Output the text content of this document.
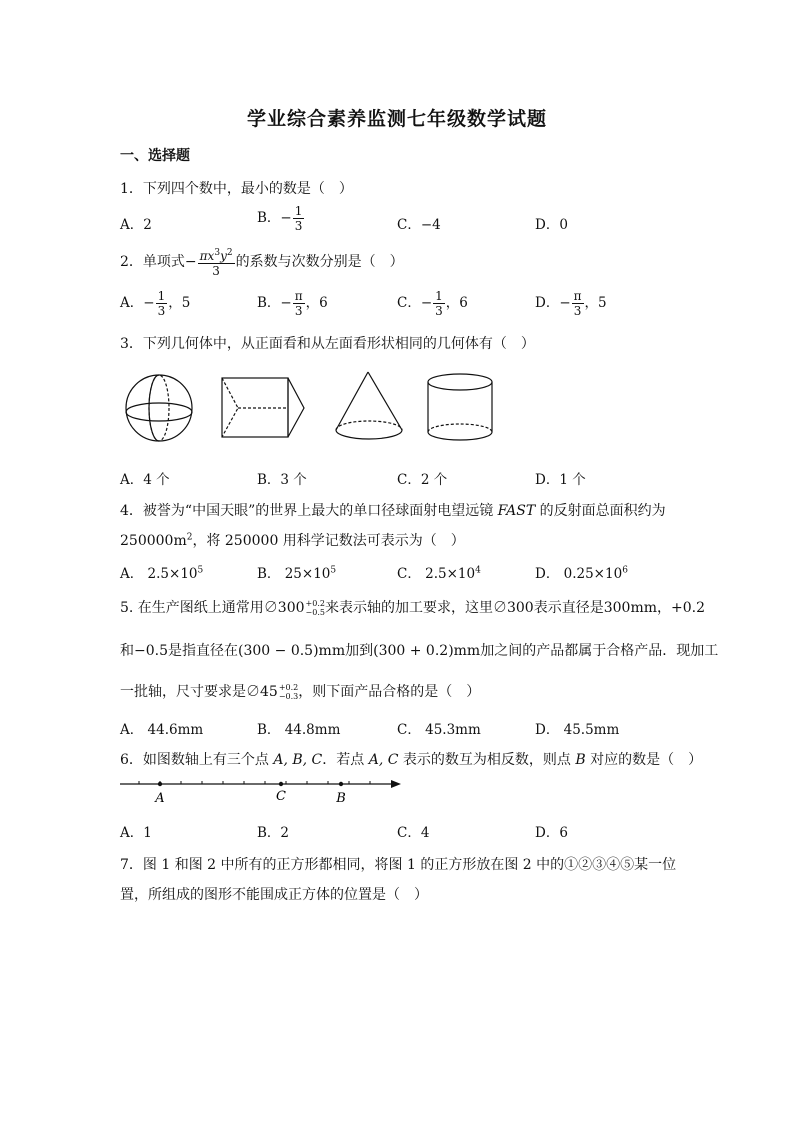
学业综合素养监测七年级数学试题
一、选择题
1．下列四个数中，最小的数是（　）
A．2	B．− $\frac{1}{3}$	C．−4	D．0
2．单项式− $\frac{\pi x^3y^2}{3}$ 的系数与次数分别是（　）
A．− $\frac{1}{3}$ ，5	B．− $\frac{\pi}{3}$ ，6	C．− $\frac{1}{3}$ ，6	D．− $\frac{\pi}{3}$ ，5
3．下列几何体中，从正面看和从左面看形状相同的几何体有（　）
A．4 个	B．3 个	C．2 个	D．1 个
4．被誉为“中国天眼”的世界上最大的单口径球面射电望远镜 FAST 的反射面总面积约为
$250000m^2$，将 250000 用科学记数法可表示为（　）
A． $2.5\times 10^5$	B． $25\times 10^5$	C． $2.5\times 10^4$	D． $0.25\times 10^6$
5. 在生产图纸上通常用∅300 +0.2
−0.5 来表示轴的加工要求，这里∅300表示直径是300mm，+0.2
和−0.5是指直径在(300 − 0.5)mm加到(300 + 0.2)mm加之间的产品都属于合格产品．现加工
一批轴，尺寸要求是∅45 +0.2
−0.3 ，则下面产品合格的是（　）
A． 44.6mm	B． 44.8mm	C． 45.3mm	D． 45.5mm
6．如图数轴上有三个点 A, B, C．若点 A, C 表示的数互为相反数，则点 B 对应的数是（　）
A	C	B
A．1	B．2	C．4	D．6
7．图 1 和图 2 中所有的正方形都相同，将图 1 的正方形放在图 2 中的①②③④⑤某一位
置，所组成的图形不能围成正方体的位置是（　）
